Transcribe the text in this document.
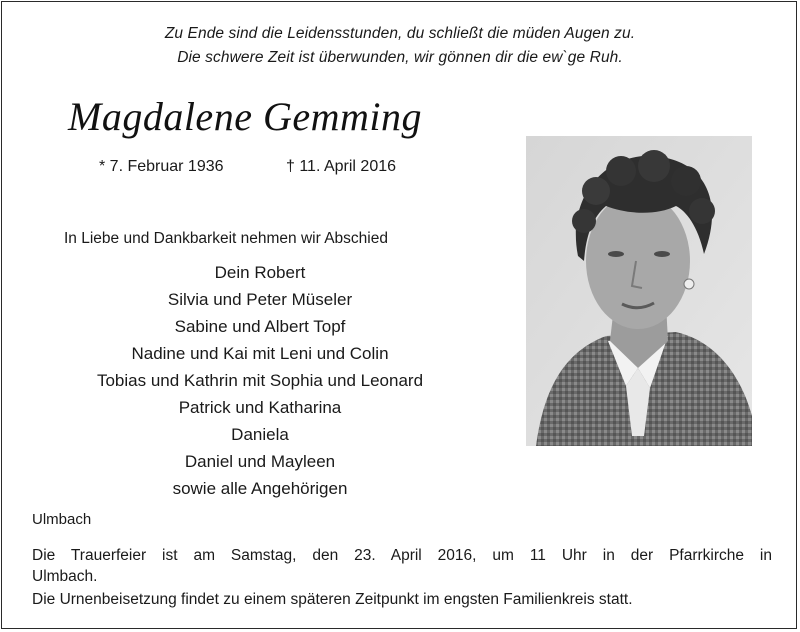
Zu Ende sind die Leidensstunden, du schließt die müden Augen zu.
Die schwere Zeit ist überwunden, wir gönnen dir die ew`ge Ruh.
Magdalene Gemming
* 7. Februar 1936	† 11. April 2016
In Liebe und Dankbarkeit nehmen wir Abschied
Dein Robert
Silvia und Peter Müseler
Sabine und Albert Topf
Nadine und Kai mit Leni und Colin
Tobias und Kathrin mit Sophia und Leonard
Patrick und Katharina
Daniela
Daniel und Mayleen
sowie alle Angehörigen
Ulmbach
Die Trauerfeier ist am Samstag, den 23. April 2016, um 11 Uhr in der Pfarrkirche in
Ulmbach.
Die Urnenbeisetzung findet zu einem späteren Zeitpunkt im engsten Familienkreis statt.
